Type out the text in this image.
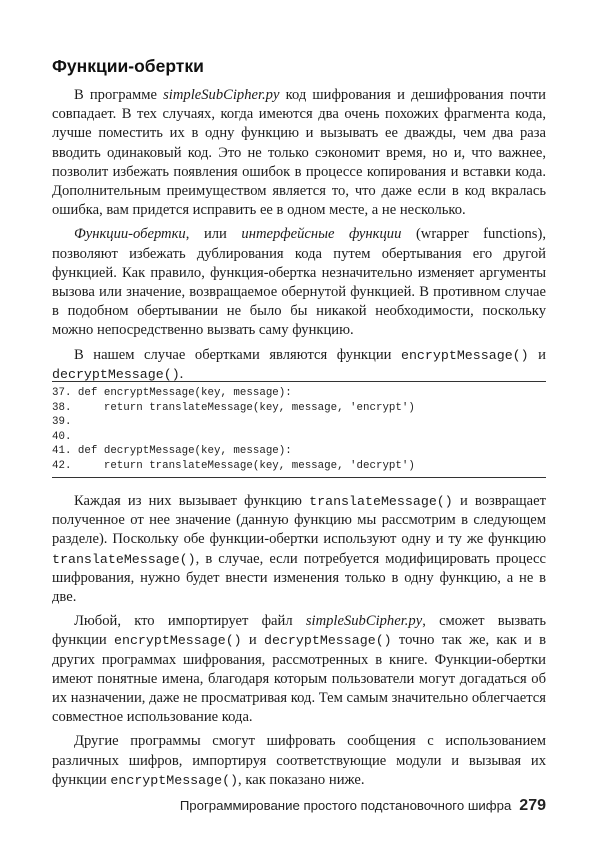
Функции-обертки

В программе simpleSubCipher.py код шифрования и дешифрования почти совпадает. В тех случаях, когда имеются два очень похожих фрагмента кода, лучше поместить их в одну функцию и вызывать ее дважды, чем два раза вводить одинаковый код. Это не только сэкономит время, но и, что важнее, позволит избежать появления ошибок в процессе копирования и вставки кода. Дополнительным преимуществом является то, что даже если в код вкралась ошибка, вам придется исправить ее в одном месте, а не несколько.

Функции-обертки, или интерфейсные функции (wrapper functions), позволяют избежать дублирования кода путем обертывания его другой функцией. Как правило, функция-обертка незначительно изменяет аргументы вызова или значение, возвращаемое обернутой функцией. В противном случае в подобном обертывании не было бы никакой необходимости, поскольку можно непосредственно вызвать саму функцию.

В нашем случае обертками являются функции encryptMessage() и decryptMessage().

37. def encryptMessage(key, message):
38.     return translateMessage(key, message, 'encrypt')
39.
40.
41. def decryptMessage(key, message):
42.     return translateMessage(key, message, 'decrypt')

Каждая из них вызывает функцию translateMessage() и возвращает полученное от нее значение (данную функцию мы рассмотрим в следующем разделе). Поскольку обе функции-обертки используют одну и ту же функцию translateMessage(), в случае, если потребуется модифицировать процесс шифрования, нужно будет внести изменения только в одну функцию, а не в две.

Любой, кто импортирует файл simpleSubCipher.py, сможет вызвать функции encryptMessage() и decryptMessage() точно так же, как и в других программах шифрования, рассмотренных в книге. Функции-обертки имеют понятные имена, благодаря которым пользователи могут догадаться об их назначении, даже не просматривая код. Тем самым значительно облегчается совместное использование кода.

Другие программы смогут шифровать сообщения с использованием различных шифров, импортируя соответствующие модули и вызывая их функции encryptMessage(), как показано ниже.

Программирование простого подстановочного шифра 279
